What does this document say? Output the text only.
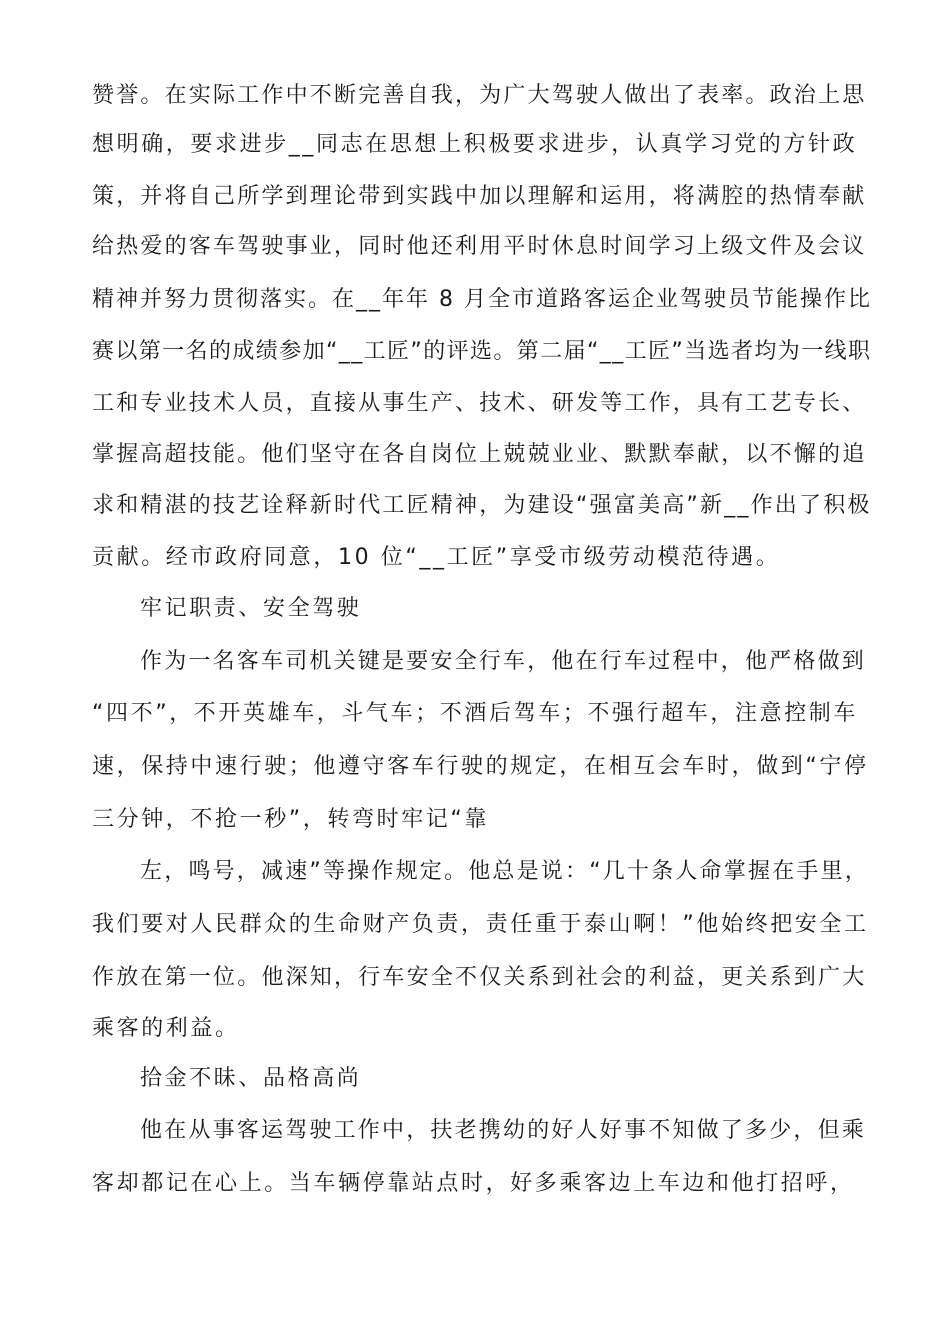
赞誉。在实际工作中不断完善自我，为广大驾驶人做出了表率。政治上思
想明确，要求进步__同志在思想上积极要求进步，认真学习党的方针政
策，并将自己所学到理论带到实践中加以理解和运用，将满腔的热情奉献
给热爱的客车驾驶事业，同时他还利用平时休息时间学习上级文件及会议
精神并努力贯彻落实。在__年年 8 月全市道路客运企业驾驶员节能操作比
赛以第一名的成绩参加“__工匠”的评选。第二届“__工匠”当选者均为一线职
工和专业技术人员，直接从事生产、技术、研发等工作，具有工艺专长、
掌握高超技能。他们坚守在各自岗位上兢兢业业、默默奉献，以不懈的追
求和精湛的技艺诠释新时代工匠精神，为建设“强富美高”新__作出了积极
贡献。经市政府同意，10 位“__工匠”享受市级劳动模范待遇。
牢记职责、安全驾驶
作为一名客车司机关键是要安全行车，他在行车过程中，他严格做到
“四不”，不开英雄车，斗气车；不酒后驾车；不强行超车，注意控制车
速，保持中速行驶；他遵守客车行驶的规定，在相互会车时，做到“宁停
三分钟，不抢一秒”，转弯时牢记“靠
左，鸣号，减速”等操作规定。他总是说：“几十条人命掌握在手里，
我们要对人民群众的生命财产负责，责任重于泰山啊！”他始终把安全工
作放在第一位。他深知，行车安全不仅关系到社会的利益，更关系到广大
乘客的利益。
拾金不昧、品格高尚
他在从事客运驾驶工作中，扶老携幼的好人好事不知做了多少，但乘
客却都记在心上。当车辆停靠站点时，好多乘客边上车边和他打招呼，
